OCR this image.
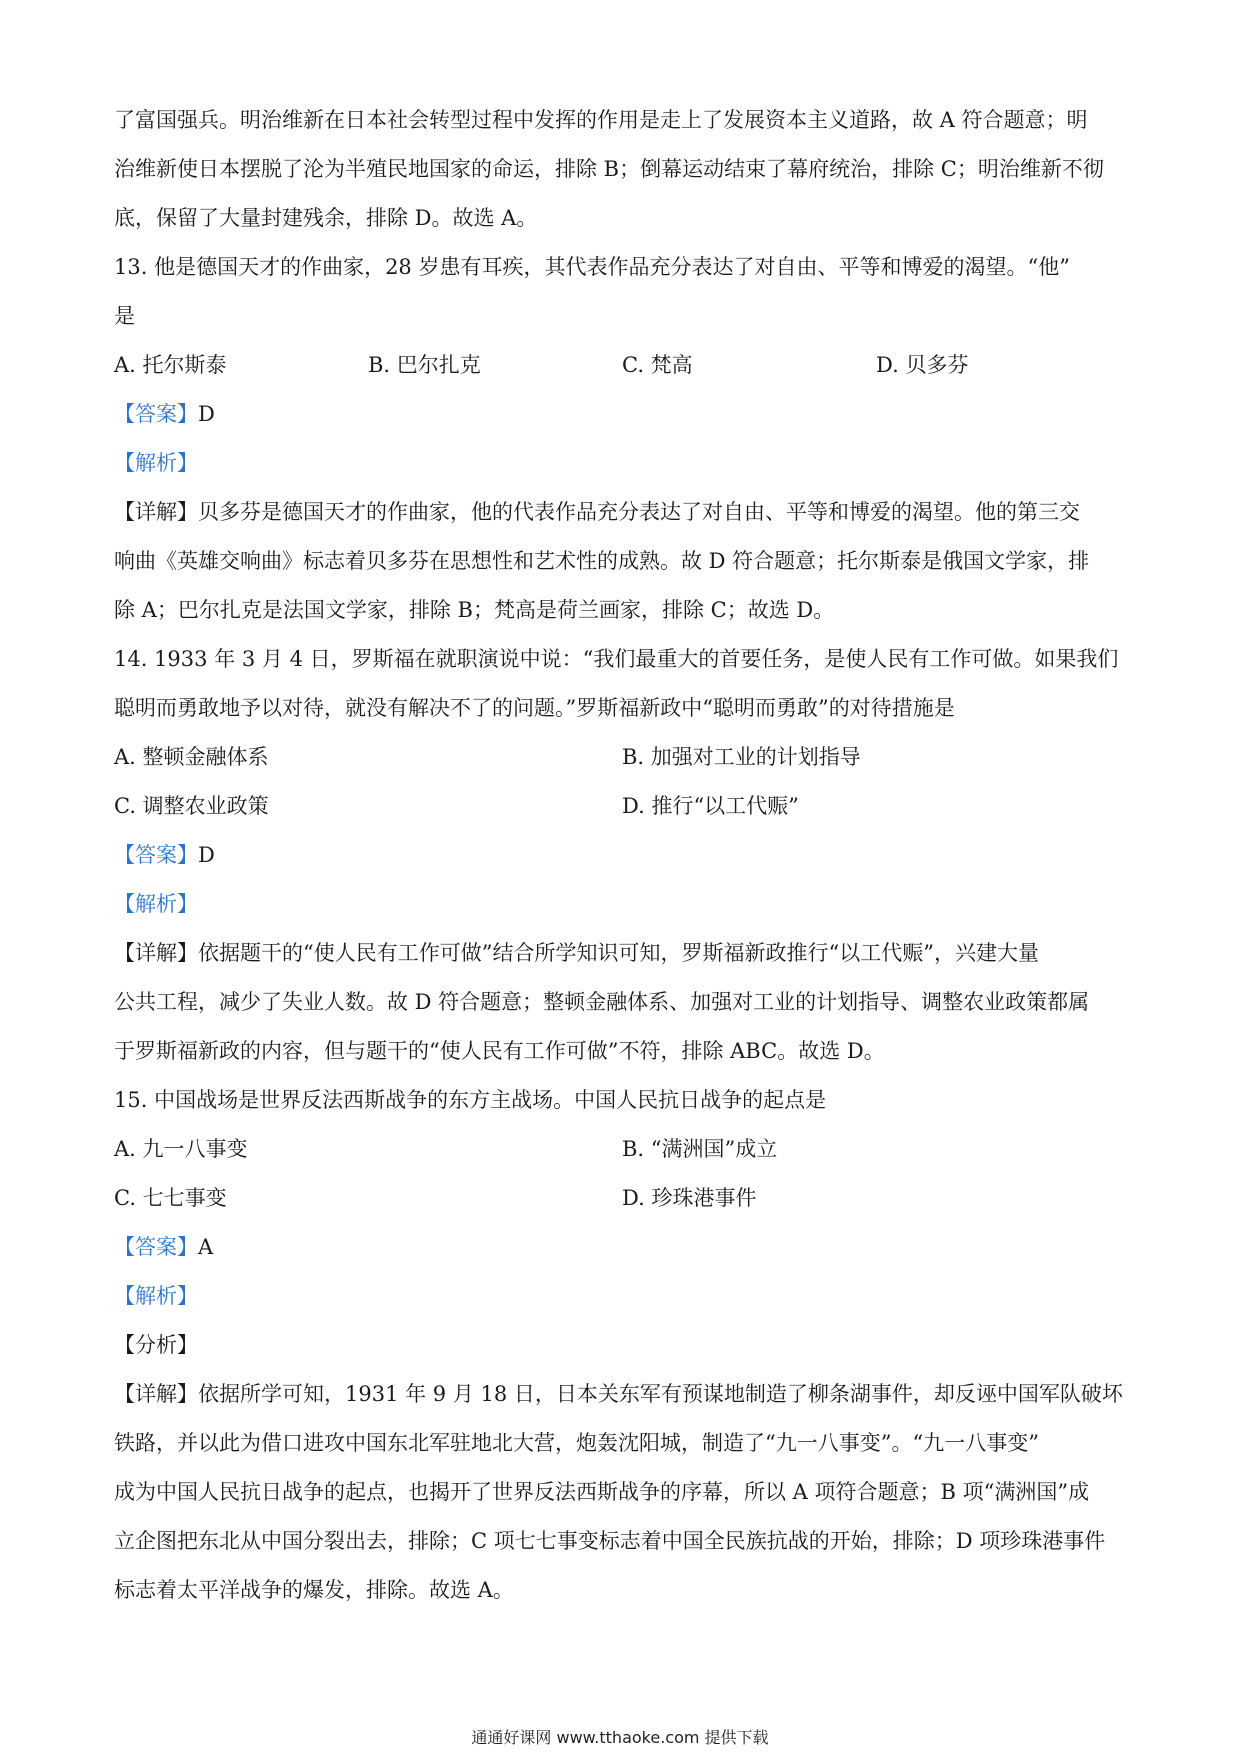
了富国强兵。明治维新在日本社会转型过程中发挥的作用是走上了发展资本主义道路，故 A 符合题意；明
治维新使日本摆脱了沦为半殖民地国家的命运，排除 B；倒幕运动结束了幕府统治，排除 C；明治维新不彻
底，保留了大量封建残余，排除 D。故选 A。
13. 他是德国天才的作曲家，28 岁患有耳疾，其代表作品充分表达了对自由、平等和博爱的渴望。“他”
是
A. 托尔斯泰	B. 巴尔扎克	C. 梵高	D. 贝多芬
【答案】D
【解析】
【详解】贝多芬是德国天才的作曲家，他的代表作品充分表达了对自由、平等和博爱的渴望。他的第三交
响曲《英雄交响曲》标志着贝多芬在思想性和艺术性的成熟。故 D 符合题意；托尔斯泰是俄国文学家，排
除 A；巴尔扎克是法国文学家，排除 B；梵高是荷兰画家，排除 C；故选 D。
14. 1933 年 3 月 4 日，罗斯福在就职演说中说：“我们最重大的首要任务，是使人民有工作可做。如果我们
聪明而勇敢地予以对待，就没有解决不了的问题。”罗斯福新政中“聪明而勇敢”的对待措施是
A. 整顿金融体系	B. 加强对工业的计划指导
C. 调整农业政策	D. 推行“以工代赈”
【答案】D
【解析】
【详解】依据题干的“使人民有工作可做”结合所学知识可知，罗斯福新政推行“以工代赈”，兴建大量
公共工程，减少了失业人数。故 D 符合题意；整顿金融体系、加强对工业的计划指导、调整农业政策都属
于罗斯福新政的内容，但与题干的“使人民有工作可做”不符，排除 ABC。故选 D。
15. 中国战场是世界反法西斯战争的东方主战场。中国人民抗日战争的起点是
A. 九一八事变	B. “满洲国”成立
C. 七七事变	D. 珍珠港事件
【答案】A
【解析】
【分析】
【详解】依据所学可知，1931 年 9 月 18 日，日本关东军有预谋地制造了柳条湖事件，却反诬中国军队破坏
铁路，并以此为借口进攻中国东北军驻地北大营，炮轰沈阳城，制造了“九一八事变”。“九一八事变”
成为中国人民抗日战争的起点，也揭开了世界反法西斯战争的序幕，所以 A 项符合题意；B 项“满洲国”成
立企图把东北从中国分裂出去，排除；C 项七七事变标志着中国全民族抗战的开始，排除；D 项珍珠港事件
标志着太平洋战争的爆发，排除。故选 A。
通通好课网 www.tthaoke.com 提供下载
